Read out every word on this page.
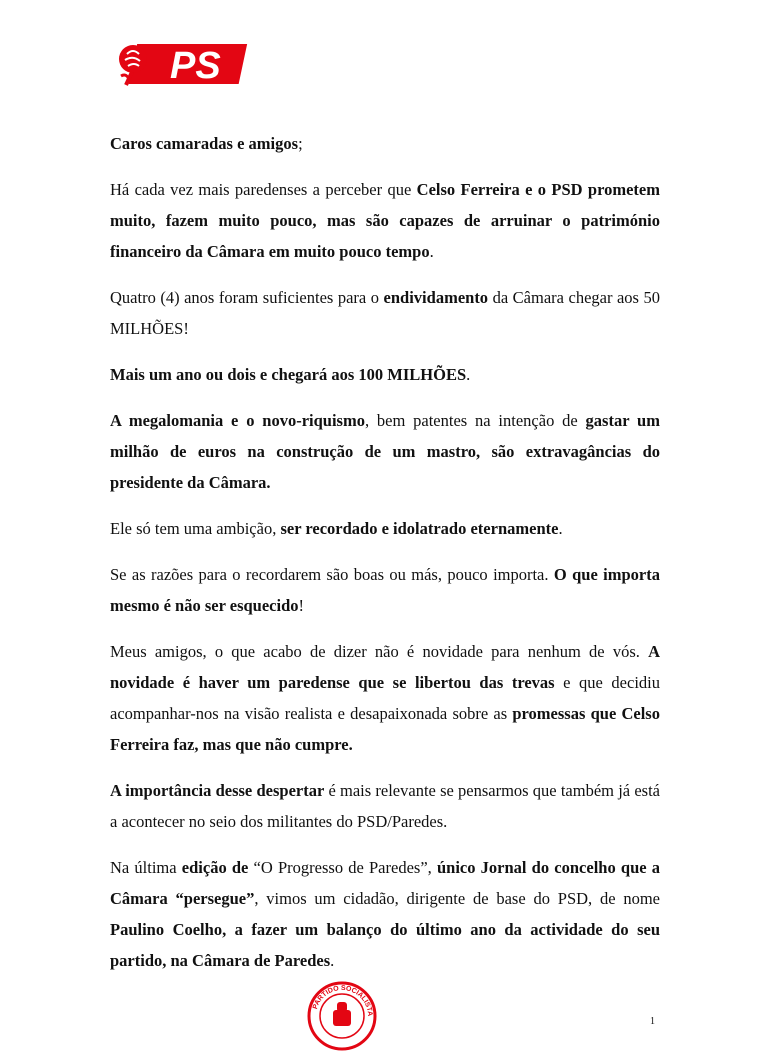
PS

Caros camaradas e amigos;

Há cada vez mais paredenses a perceber que Celso Ferreira e o PSD prometem muito, fazem muito pouco, mas são capazes de arruinar o património financeiro da Câmara em muito pouco tempo.

Quatro (4) anos foram suficientes para o endividamento da Câmara chegar aos 50 MILHÕES!

Mais um ano ou dois e chegará aos 100 MILHÕES.

A megalomania e o novo-riquismo, bem patentes na intenção de gastar um milhão de euros na construção de um mastro, são extravagâncias do presidente da Câmara.

Ele só tem uma ambição, ser recordado e idolatrado eternamente.

Se as razões para o recordarem são boas ou más, pouco importa. O que importa mesmo é não ser esquecido!

Meus amigos, o que acabo de dizer não é novidade para nenhum de vós. A novidade é haver um paredense que se libertou das trevas e que decidiu acompanhar-nos na visão realista e desapaixonada sobre as promessas que Celso Ferreira faz, mas que não cumpre.

A importância desse despertar é mais relevante se pensarmos que também já está a acontecer no seio dos militantes do PSD/Paredes.

Na última edição de “O Progresso de Paredes”, único Jornal do concelho que a Câmara “persegue”, vimos um cidadão, dirigente de base do PSD, de nome Paulino Coelho, a fazer um balanço do último ano da actividade do seu partido, na Câmara de Paredes.

PARTIDO SOCIALISTA
1
